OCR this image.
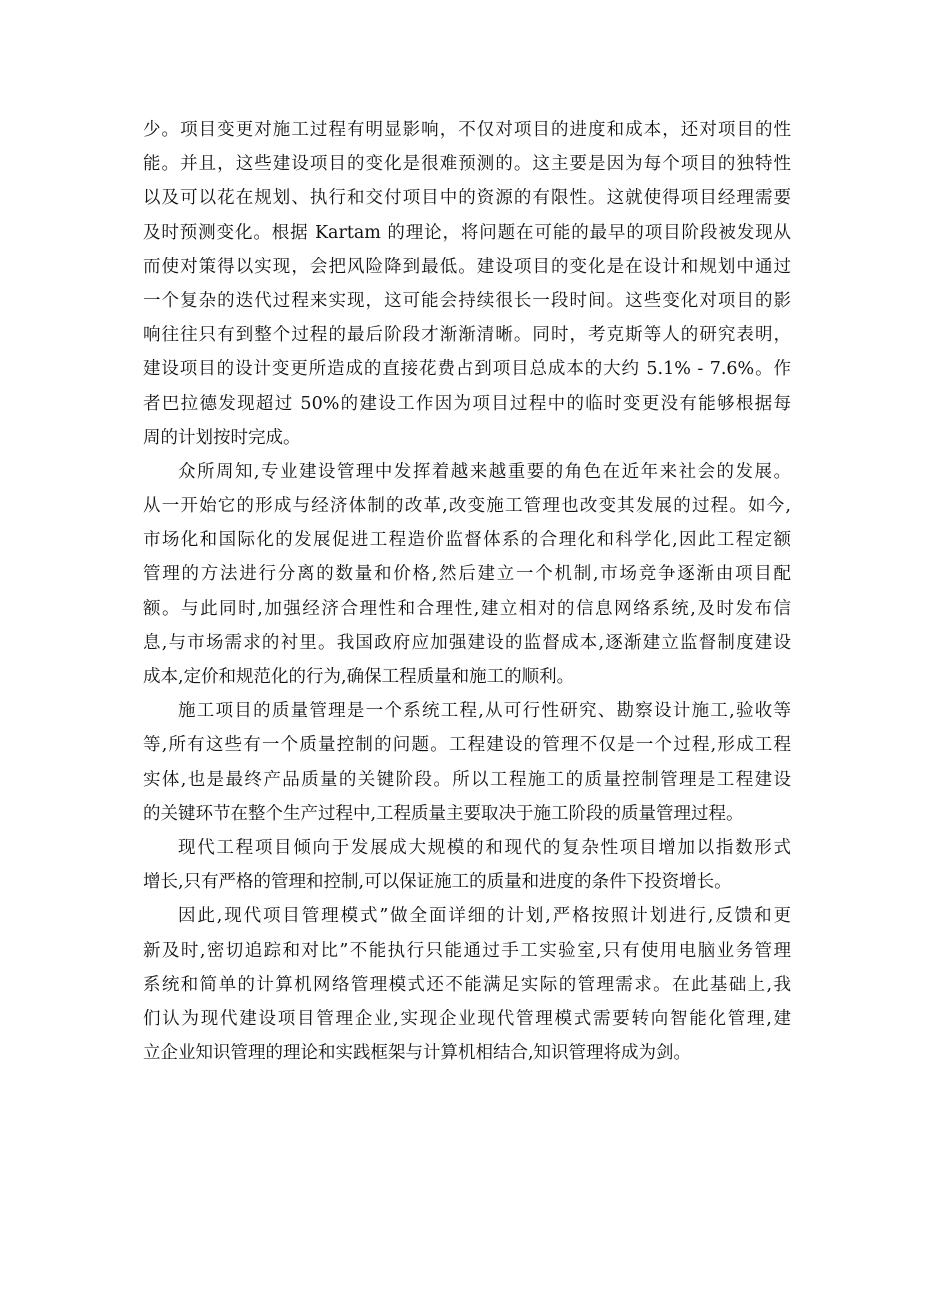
少。项目变更对施工过程有明显影响，不仅对项目的进度和成本，还对项目的性
能。并且，这些建设项目的变化是很难预测的。这主要是因为每个项目的独特性
以及可以花在规划、执行和交付项目中的资源的有限性。这就使得项目经理需要
及时预测变化。根据 Kartam 的理论，将问题在可能的最早的项目阶段被发现从
而使对策得以实现，会把风险降到最低。建设项目的变化是在设计和规划中通过
一个复杂的迭代过程来实现，这可能会持续很长一段时间。这些变化对项目的影
响往往只有到整个过程的最后阶段才渐渐清晰。同时，考克斯等人的研究表明，
建设项目的设计变更所造成的直接花费占到项目总成本的大约 5.1% - 7.6%。作
者巴拉德发现超过 50%的建设工作因为项目过程中的临时变更没有能够根据每
周的计划按时完成。
众所周知,专业建设管理中发挥着越来越重要的角色在近年来社会的发展。
从一开始它的形成与经济体制的改革,改变施工管理也改变其发展的过程。如今,
市场化和国际化的发展促进工程造价监督体系的合理化和科学化,因此工程定额
管理的方法进行分离的数量和价格,然后建立一个机制,市场竞争逐渐由项目配
额。与此同时,加强经济合理性和合理性,建立相对的信息网络系统,及时发布信
息,与市场需求的衬里。我国政府应加强建设的监督成本,逐渐建立监督制度建设
成本,定价和规范化的行为,确保工程质量和施工的顺利。
施工项目的质量管理是一个系统工程,从可行性研究、勘察设计施工,验收等
等,所有这些有一个质量控制的问题。工程建设的管理不仅是一个过程,形成工程
实体,也是最终产品质量的关键阶段。所以工程施工的质量控制管理是工程建设
的关键环节在整个生产过程中,工程质量主要取决于施工阶段的质量管理过程。
现代工程项目倾向于发展成大规模的和现代的复杂性项目增加以指数形式
增长,只有严格的管理和控制,可以保证施工的质量和进度的条件下投资增长。
因此,现代项目管理模式”做全面详细的计划,严格按照计划进行,反馈和更
新及时,密切追踪和对比”不能执行只能通过手工实验室,只有使用电脑业务管理
系统和简单的计算机网络管理模式还不能满足实际的管理需求。在此基础上,我
们认为现代建设项目管理企业,实现企业现代管理模式需要转向智能化管理,建
立企业知识管理的理论和实践框架与计算机相结合,知识管理将成为剑。
